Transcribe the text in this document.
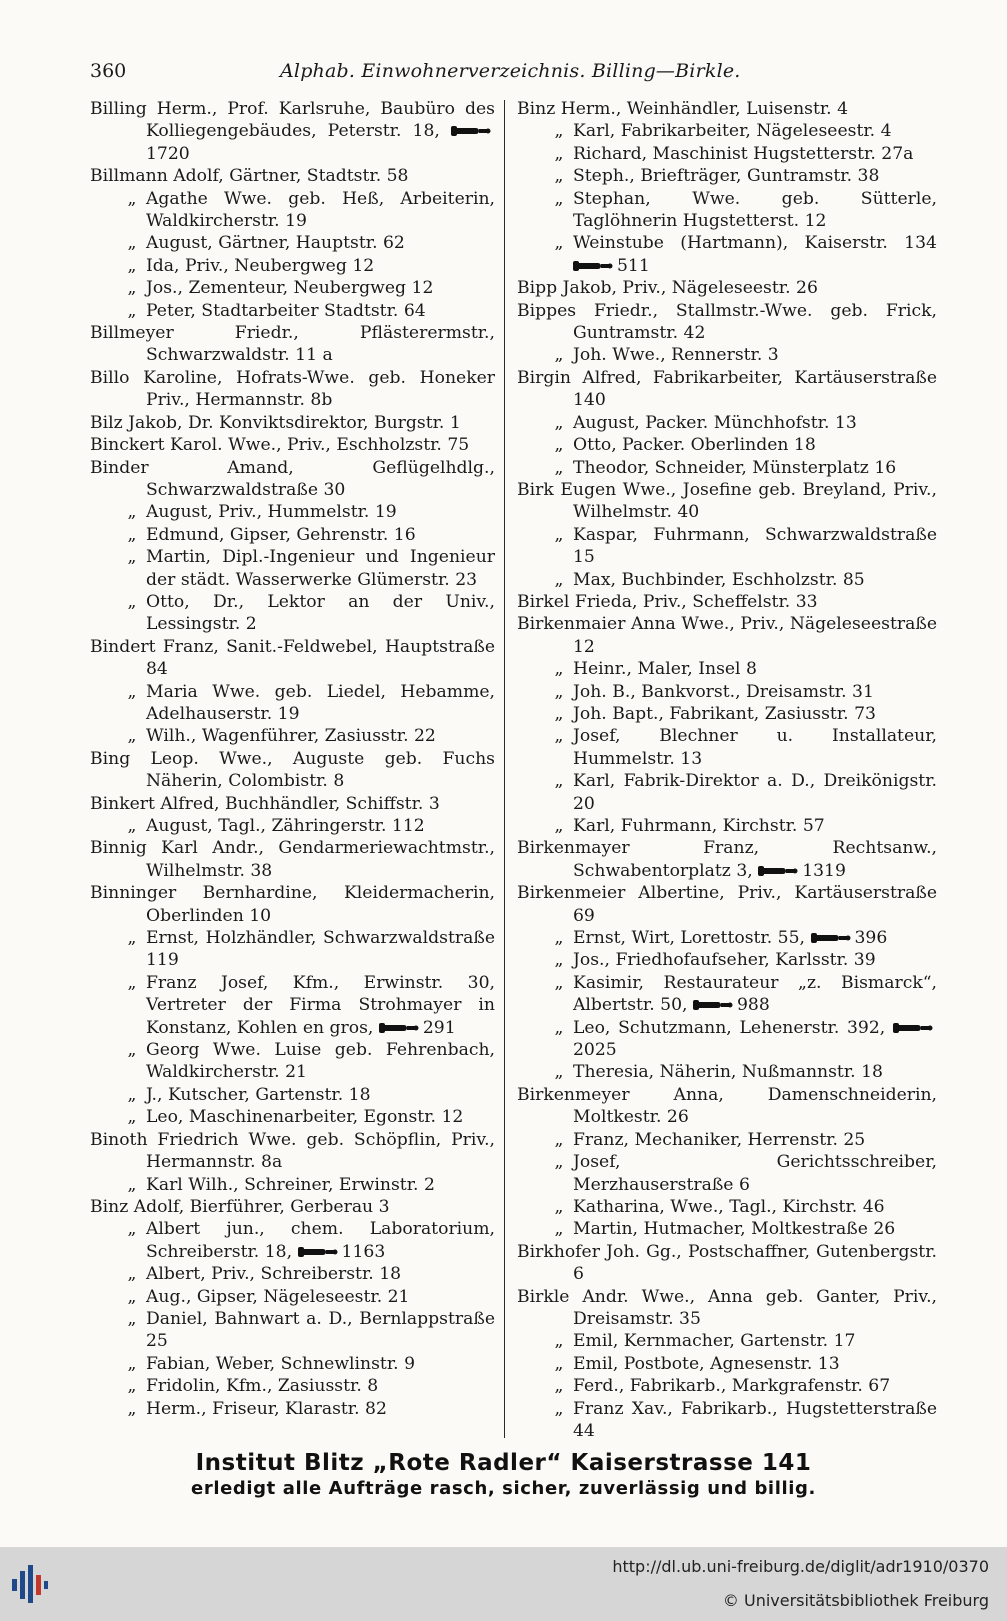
360	Alphab. Einwohnerverzeichnis. Billing—Birkle.
Billing Herm., Prof. Karlsruhe, Baubüro des Kolliegengebäudes, Peterstr. 18, 1720
Billmann Adolf, Gärtner, Stadtstr. 58
„Agathe Wwe. geb. Heß, Arbeiterin, Waldkircherstr. 19
„August, Gärtner, Hauptstr. 62
„Ida, Priv., Neubergweg 12
„Jos., Zementeur, Neubergweg 12
„Peter, Stadtarbeiter Stadtstr. 64
Billmeyer Friedr., Pflästerermstr., Schwarzwaldstr. 11 a
Billo Karoline, Hofrats-Wwe. geb. Honeker Priv., Hermannstr. 8b
Bilz Jakob, Dr. Konviktsdirektor, Burgstr. 1
Binckert Karol. Wwe., Priv., Eschholzstr. 75
Binder Amand, Geflügelhdlg., Schwarzwaldstraße 30
„August, Priv., Hummelstr. 19
„Edmund, Gipser, Gehrenstr. 16
„Martin, Dipl.-Ingenieur und Ingenieur der städt. Wasserwerke Glümerstr. 23
„Otto, Dr., Lektor an der Univ., Lessingstr. 2
Bindert Franz, Sanit.-Feldwebel, Hauptstraße 84
„Maria Wwe. geb. Liedel, Hebamme, Adelhauserstr. 19
„Wilh., Wagenführer, Zasiusstr. 22
Bing Leop. Wwe., Auguste geb. Fuchs Näherin, Colombistr. 8
Binkert Alfred, Buchhändler, Schiffstr. 3
„August, Tagl., Zähringerstr. 112
Binnig Karl Andr., Gendarmeriewachtmstr., Wilhelmstr. 38
Binninger Bernhardine, Kleidermacherin, Oberlinden 10
„Ernst, Holzhändler, Schwarzwaldstraße 119
„Franz Josef, Kfm., Erwinstr. 30, Vertreter der Firma Strohmayer in Konstanz, Kohlen en gros,	291
„Georg Wwe. Luise geb. Fehrenbach, Waldkircherstr. 21
„J., Kutscher, Gartenstr. 18
„Leo, Maschinenarbeiter, Egonstr. 12
Binoth Friedrich Wwe. geb. Schöpflin, Priv., Hermannstr. 8a
„Karl Wilh., Schreiner, Erwinstr. 2
Binz Adolf, Bierführer, Gerberau 3
„Albert jun., chem. Laboratorium, Schreiberstr. 18,	1163
„Albert, Priv., Schreiberstr. 18
„Aug., Gipser, Nägeleseestr. 21
„Daniel, Bahnwart a. D., Bernlappstraße 25
„Fabian, Weber, Schnewlinstr. 9
„Fridolin, Kfm., Zasiusstr. 8
„Herm., Friseur, Klarastr. 82
Binz Herm., Weinhändler, Luisenstr. 4
„Karl, Fabrikarbeiter, Nägeleseestr. 4
„Richard, Maschinist Hugstetterstr. 27a
„Steph., Briefträger, Guntramstr. 38
„Stephan, Wwe. geb. Sütterle, Taglöhnerin Hugstetterst. 12
„Weinstube (Hartmann), Kaiserstr. 134 511
Bipp Jakob, Priv., Nägeleseestr. 26
Bippes Friedr., Stallmstr.-Wwe. geb. Frick, Guntramstr. 42
„Joh. Wwe., Rennerstr. 3
Birgin Alfred, Fabrikarbeiter, Kartäuserstraße 140
„August, Packer. Münchhofstr. 13
„Otto, Packer. Oberlinden 18
„Theodor, Schneider, Münsterplatz 16
Birk Eugen Wwe., Josefine geb. Breyland, Priv., Wilhelmstr. 40
„Kaspar, Fuhrmann, Schwarzwaldstraße 15
„Max, Buchbinder, Eschholzstr. 85
Birkel Frieda, Priv., Scheffelstr. 33
Birkenmaier Anna Wwe., Priv., Nägeleseestraße 12
„Heinr., Maler, Insel 8
„Joh. B., Bankvorst., Dreisamstr. 31
„Joh. Bapt., Fabrikant, Zasiusstr. 73
„Josef, Blechner u. Installateur, Hummelstr. 13
„Karl, Fabrik-Direktor a. D., Dreikönigstr. 20
„Karl, Fuhrmann, Kirchstr. 57
Birkenmayer Franz, Rechtsanw., Schwabentorplatz 3,	1319
Birkenmeier Albertine, Priv., Kartäuserstraße 69
„Ernst, Wirt, Lorettostr. 55,	396
„Jos., Friedhofaufseher, Karlsstr. 39
„Kasimir, Restaurateur „z. Bismarck“, Albertstr. 50,	988
„Leo, Schutzmann, Lehenerstr. 392, 2025
„Theresia, Näherin, Nußmannstr. 18
Birkenmeyer Anna, Damenschneiderin, Moltkestr. 26
„Franz, Mechaniker, Herrenstr. 25
„Josef, Gerichtsschreiber, Merzhauserstraße 6
„Katharina, Wwe., Tagl., Kirchstr. 46
„Martin, Hutmacher, Moltkestraße 26
Birkhofer Joh. Gg., Postschaffner, Gutenbergstr. 6
Birkle Andr. Wwe., Anna geb. Ganter, Priv., Dreisamstr. 35
„Emil, Kernmacher, Gartenstr. 17
„Emil, Postbote, Agnesenstr. 13
„Ferd., Fabrikarb., Markgrafenstr. 67
„Franz Xav., Fabrikarb., Hugstetterstraße 44
Institut Blitz „Rote Radler“ Kaiserstrasse 141
erledigt alle Aufträge rasch, sicher, zuverlässig und billig.
http://dl.ub.uni-freiburg.de/diglit/adr1910/0370
© Universitätsbibliothek Freiburg
